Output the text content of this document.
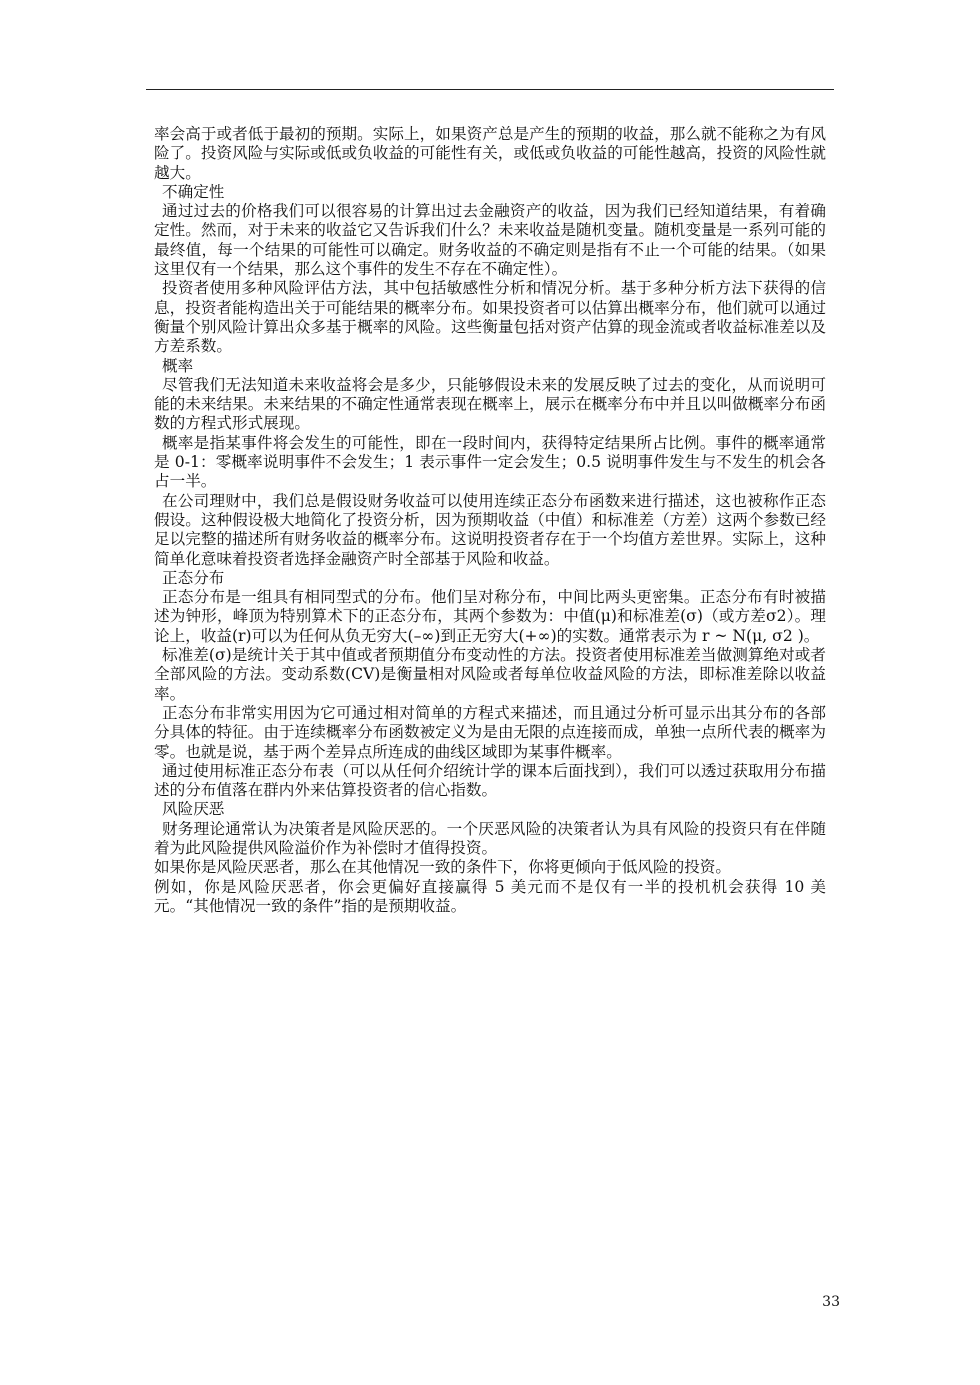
率会高于或者低于最初的预期。实际上，如果资产总是产生的预期的收益，那么就不能称之为有风险了。投资风险与实际或低或负收益的可能性有关，或低或负收益的可能性越高，投资的风险性就越大。

不确定性

通过过去的价格我们可以很容易的计算出过去金融资产的收益，因为我们已经知道结果，有着确定性。然而，对于未来的收益它又告诉我们什么？未来收益是随机变量。随机变量是一系列可能的最终值，每一个结果的可能性可以确定。财务收益的不确定则是指有不止一个可能的结果。（如果这里仅有一个结果，那么这个事件的发生不存在不确定性）。

投资者使用多种风险评估方法，其中包括敏感性分析和情况分析。基于多种分析方法下获得的信息，投资者能构造出关于可能结果的概率分布。如果投资者可以估算出概率分布，他们就可以通过衡量个别风险计算出众多基于概率的风险。这些衡量包括对资产估算的现金流或者收益标准差以及方差系数。

概率

尽管我们无法知道未来收益将会是多少，只能够假设未来的发展反映了过去的变化，从而说明可能的未来结果。未来结果的不确定性通常表现在概率上，展示在概率分布中并且以叫做概率分布函数的方程式形式展现。

概率是指某事件将会发生的可能性，即在一段时间内，获得特定结果所占比例。事件的概率通常是 0-1：零概率说明事件不会发生；1 表示事件一定会发生；0.5 说明事件发生与不发生的机会各占一半。

在公司理财中，我们总是假设财务收益可以使用连续正态分布函数来进行描述，这也被称作正态假设。这种假设极大地简化了投资分析，因为预期收益（中值）和标准差（方差）这两个参数已经足以完整的描述所有财务收益的概率分布。这说明投资者存在于一个均值方差世界。实际上，这种简单化意味着投资者选择金融资产时全部基于风险和收益。

正态分布

正态分布是一组具有相同型式的分布。他们呈对称分布，中间比两头更密集。正态分布有时被描述为钟形，峰顶为特别算术下的正态分布，其两个参数为：中值(μ)和标准差(σ)（或方差σ2）。理论上，收益(r)可以为任何从负无穷大(–∞)到正无穷大(+∞)的实数。通常表示为 r ~ N(μ, σ2 )。

标准差(σ)是统计关于其中值或者预期值分布变动性的方法。投资者使用标准差当做测算绝对或者全部风险的方法。变动系数(CV)是衡量相对风险或者每单位收益风险的方法，即标准差除以收益率。

正态分布非常实用因为它可通过相对简单的方程式来描述，而且通过分析可显示出其分布的各部分具体的特征。由于连续概率分布函数被定义为是由无限的点连接而成，单独一点所代表的概率为零。也就是说，基于两个差异点所连成的曲线区域即为某事件概率。

通过使用标准正态分布表（可以从任何介绍统计学的课本后面找到），我们可以透过获取用分布描述的分布值落在群内外来估算投资者的信心指数。

风险厌恶

财务理论通常认为决策者是风险厌恶的。一个厌恶风险的决策者认为具有风险的投资只有在伴随着为此风险提供风险溢价作为补偿时才值得投资。

如果你是风险厌恶者，那么在其他情况一致的条件下，你将更倾向于低风险的投资。

例如，你是风险厌恶者，你会更偏好直接赢得 5 美元而不是仅有一半的投机机会获得 10 美元。“其他情况一致的条件”指的是预期收益。

33
